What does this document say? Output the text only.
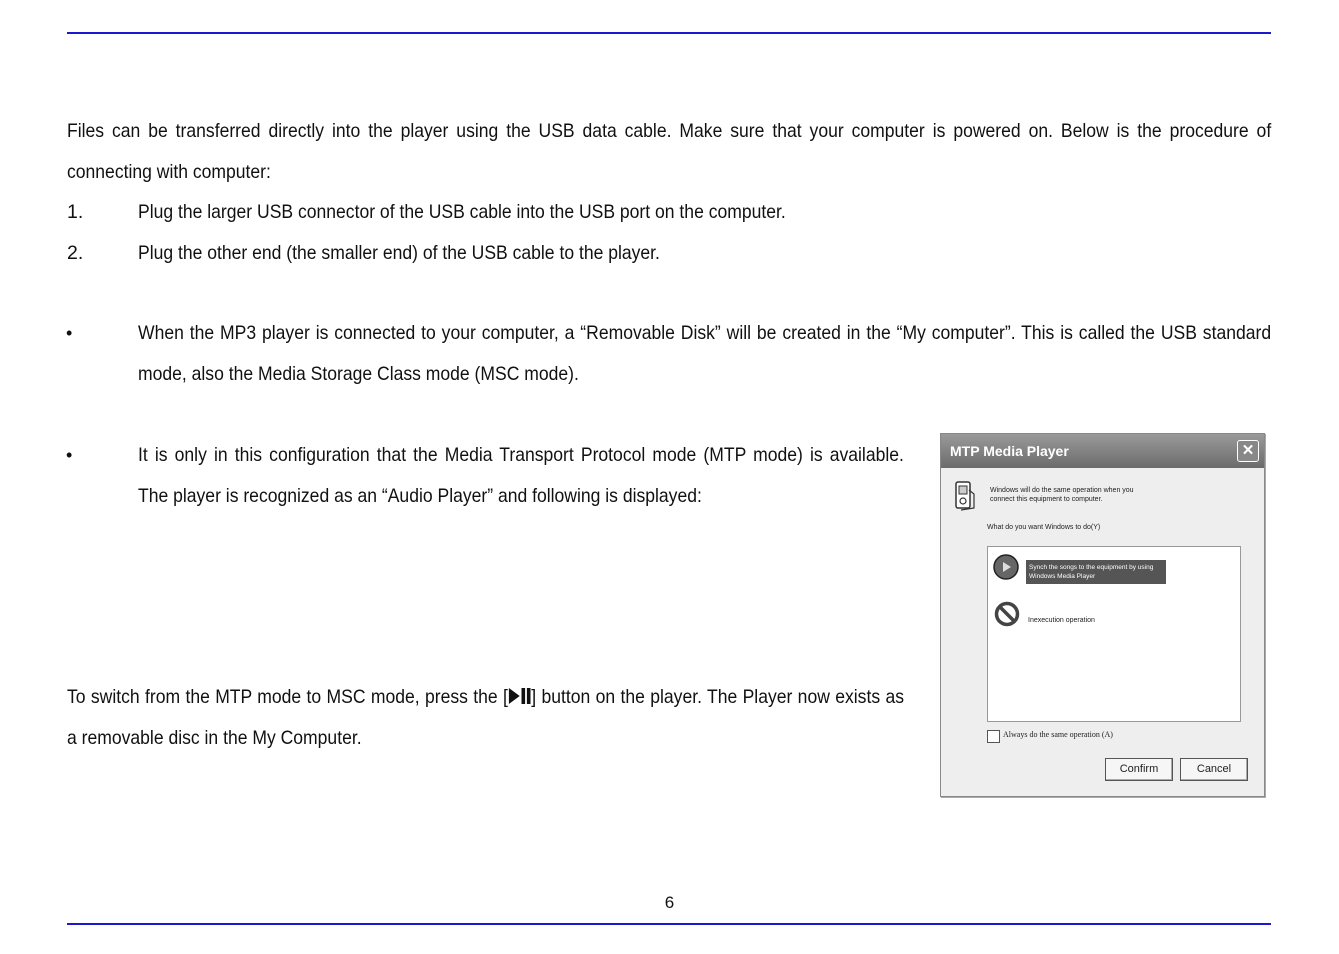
Files can be transferred directly into the player using the USB data cable. Make sure that your computer is powered on. Below is the procedure of connecting with computer:

1.	Plug the larger USB connector of the USB cable into the USB port on the computer.
2.	Plug the other end (the smaller end) of the USB cable to the player.
•	When the MP3 player is connected to your computer, a “Removable Disk” will be created in the “My computer”. This is called the USB standard mode, also the Media Storage Class mode (MSC mode).

•	It is only in this configuration that the Media Transport Protocol mode (MTP mode) is available. The player is recognized as an “Audio Player” and following is displayed:

To switch from the MTP mode to MSC mode, press the [ ] button on the player. The Player now exists as a removable disc in the My Computer.

MTP Media Player	✕
Windows will do the same operation when you connect this equipment to computer.
What do you want Windows to do(Y)
Synch the songs to the equipment by using Windows Media Player
Inexecution operation
Always do the same operation (A)
Confirm	Cancel
6
